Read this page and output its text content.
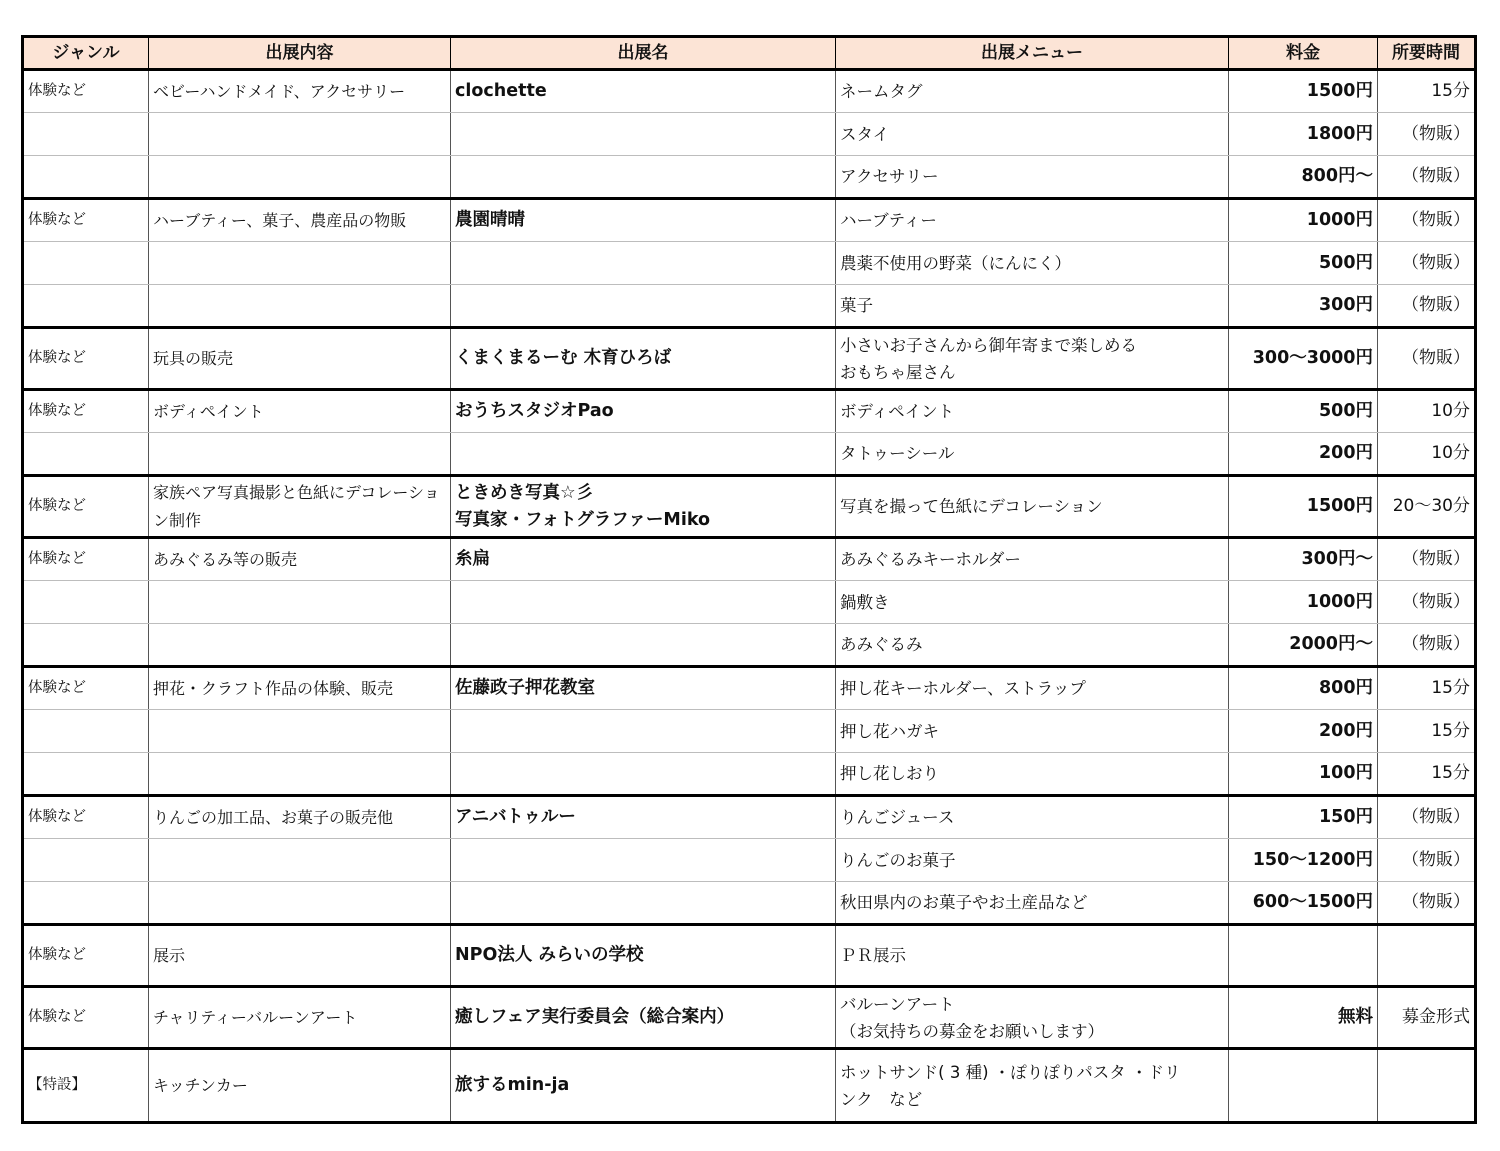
ジャンル	出展内容	出展名	出展メニュー	料金	所要時間
体験など	ベビーハンドメイド、アクセサリー	clochette	ネームタグ	1500円	15分
			スタイ	1800円	（物販）
			アクセサリー	800円～	（物販）
体験など	ハーブティー、菓子、農産品の物販	農園晴晴	ハーブティー	1000円	（物販）
			農薬不使用の野菜（にんにく）	500円	（物販）
			菓子	300円	（物販）
体験など	玩具の販売	くまくまるーむ 木育ひろば	小さいお子さんから御年寄まで楽しめる
おもちゃ屋さん	300～3000円	（物販）
体験など	ボディペイント	おうちスタジオPao	ボディペイント	500円	10分
			タトゥーシール	200円	10分
体験など	家族ペア写真撮影と色紙にデコレーション制作	ときめき写真☆彡
写真家・フォトグラファーMiko	写真を撮って色紙にデコレーション	1500円	20～30分
体験など	あみぐるみ等の販売	糸扁	あみぐるみキーホルダー	300円～	（物販）
			鍋敷き	1000円	（物販）
			あみぐるみ	2000円～	（物販）
体験など	押花・クラフト作品の体験、販売	佐藤政子押花教室	押し花キーホルダー、ストラップ	800円	15分
			押し花ハガキ	200円	15分
			押し花しおり	100円	15分
体験など	りんごの加工品、お菓子の販売他	アニバトゥルー	りんごジュース	150円	（物販）
			りんごのお菓子	150～1200円	（物販）
			秋田県内のお菓子やお土産品など	600～1500円	（物販）
体験など	展示	NPO法人 みらいの学校	ＰＲ展示		
体験など	チャリティーバルーンアート	癒しフェア実行委員会（総合案内）	バルーンアート
（お気持ちの募金をお願いします）	無料	募金形式
【特設】	キッチンカー	旅するmin-ja	ホットサンド( 3 種) ・ぽりぽりパスタ ・ドリ
ンク　など		
